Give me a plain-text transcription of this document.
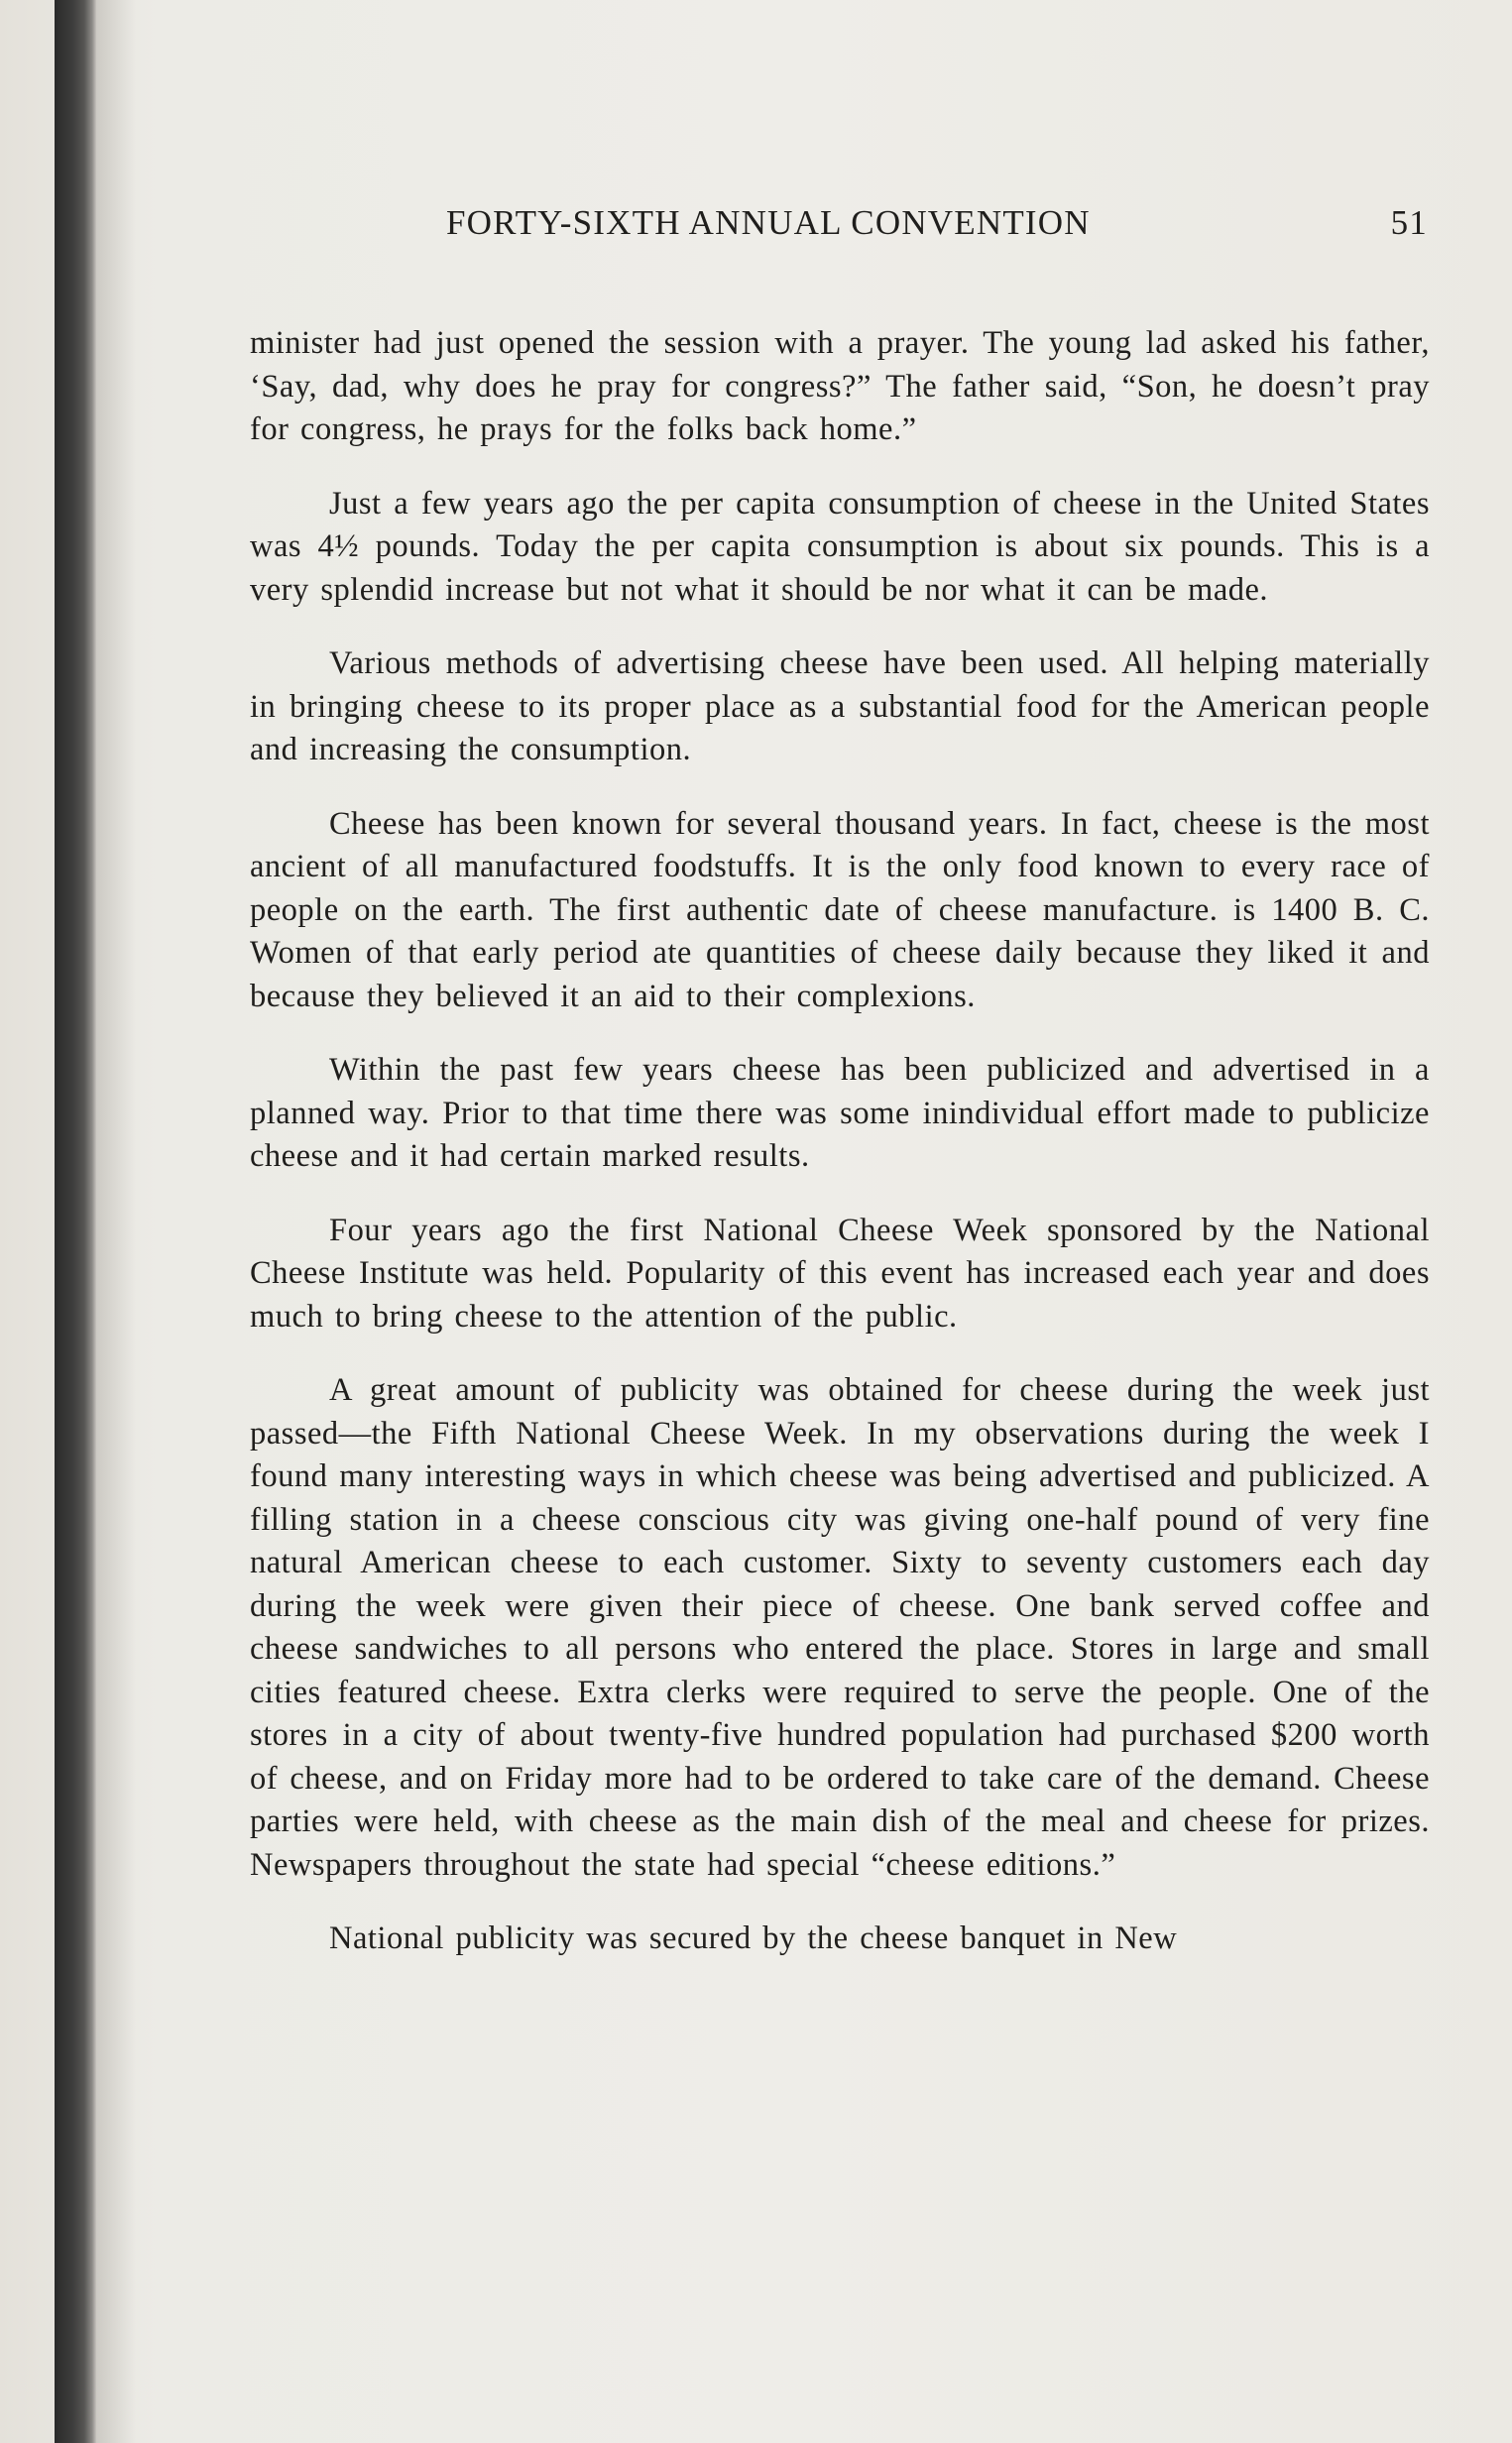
FORTY-SIXTH ANNUAL CONVENTION	51

minister had just opened the session with a prayer. The young lad asked his father, ‘Say, dad, why does he pray for congress?” The father said, “Son, he doesn’t pray for congress, he prays for the folks back home.”

Just a few years ago the per capita consumption of cheese in the United States was 4½ pounds. Today the per capita consumption is about six pounds. This is a very splendid increase but not what it should be nor what it can be made.

Various methods of advertising cheese have been used. All helping materially in bringing cheese to its proper place as a substantial food for the American people and increasing the consumption.

Cheese has been known for several thousand years. In fact, cheese is the most ancient of all manufactured foodstuffs. It is the only food known to every race of people on the earth. The first authentic date of cheese manufacture. is 1400 B. C. Women of that early period ate quantities of cheese daily because they liked it and because they believed it an aid to their complexions.

Within the past few years cheese has been publicized and advertised in a planned way. Prior to that time there was some inindividual effort made to publicize cheese and it had certain marked results.

Four years ago the first National Cheese Week sponsored by the National Cheese Institute was held. Popularity of this event has increased each year and does much to bring cheese to the attention of the public.

A great amount of publicity was obtained for cheese during the week just passed—the Fifth National Cheese Week. In my observations during the week I found many interesting ways in which cheese was being advertised and publicized. A filling station in a cheese conscious city was giving one-half pound of very fine natural American cheese to each customer. Sixty to seventy customers each day during the week were given their piece of cheese. One bank served coffee and cheese sandwiches to all persons who entered the place. Stores in large and small cities featured cheese. Extra clerks were required to serve the people. One of the stores in a city of about twenty-five hundred population had purchased $200 worth of cheese, and on Friday more had to be ordered to take care of the demand. Cheese parties were held, with cheese as the main dish of the meal and cheese for prizes. Newspapers throughout the state had special “cheese editions.”

National publicity was secured by the cheese banquet in New
